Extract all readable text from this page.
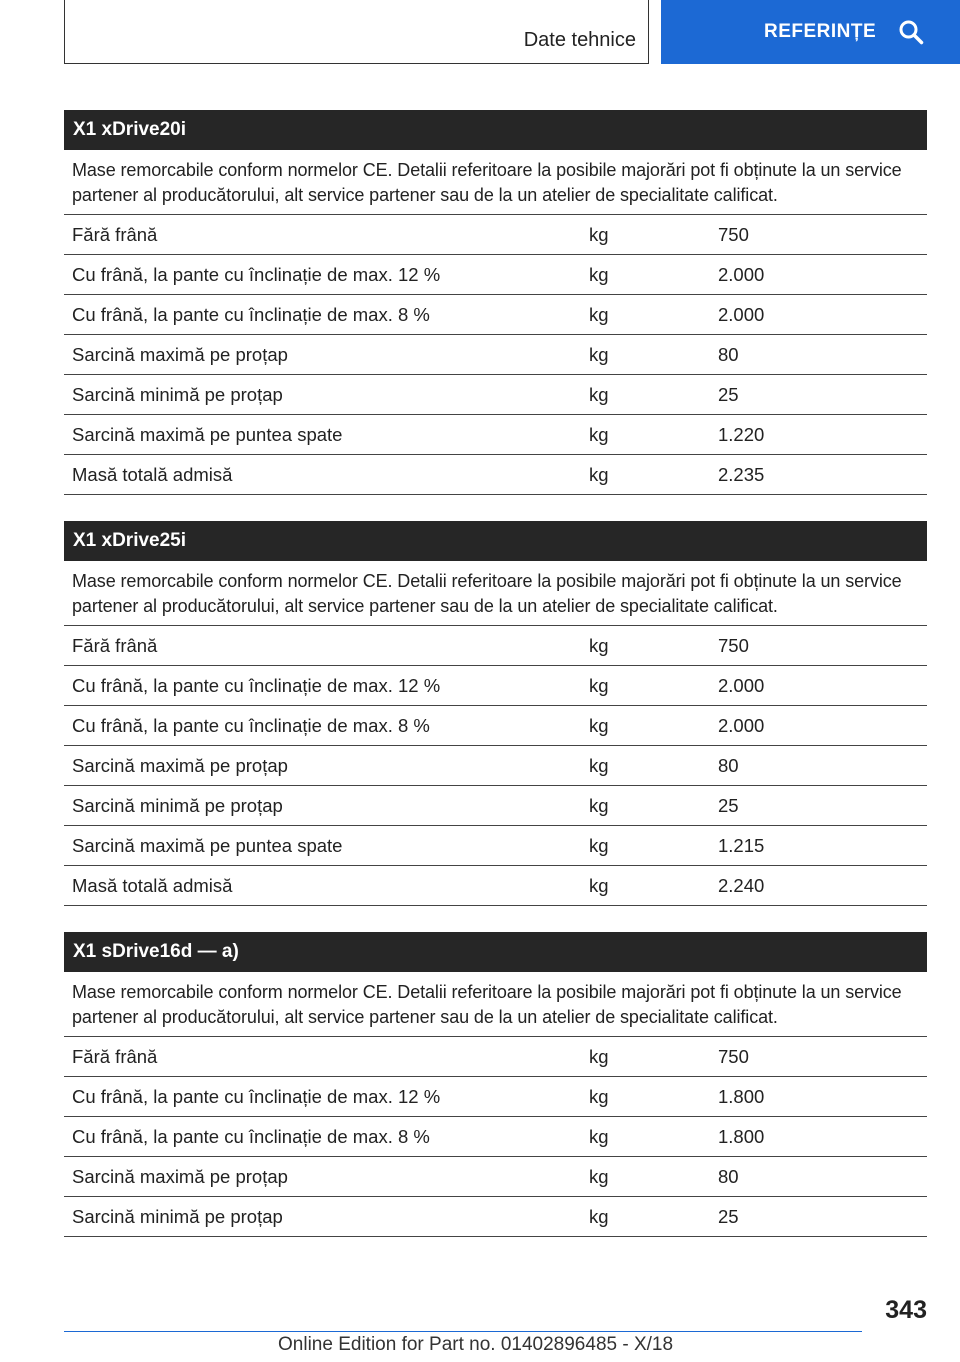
Date tehnice	REFERINȚE
X1 xDrive20i
Mase remorcabile conform normelor CE. Detalii referitoare la posibile majorări pot fi obținute la un service partener al producătorului, alt service partener sau de la un atelier de specialitate calificat.
Fără frână	kg	750
Cu frână, la pante cu înclinație de max. 12 %	kg	2.000
Cu frână, la pante cu înclinație de max. 8 %	kg	2.000
Sarcină maximă pe proțap	kg	80
Sarcină minimă pe proțap	kg	25
Sarcină maximă pe puntea spate	kg	1.220
Masă totală admisă	kg	2.235
X1 xDrive25i
Mase remorcabile conform normelor CE. Detalii referitoare la posibile majorări pot fi obținute la un service partener al producătorului, alt service partener sau de la un atelier de specialitate calificat.
Fără frână	kg	750
Cu frână, la pante cu înclinație de max. 12 %	kg	2.000
Cu frână, la pante cu înclinație de max. 8 %	kg	2.000
Sarcină maximă pe proțap	kg	80
Sarcină minimă pe proțap	kg	25
Sarcină maximă pe puntea spate	kg	1.215
Masă totală admisă	kg	2.240
X1 sDrive16d — a)
Mase remorcabile conform normelor CE. Detalii referitoare la posibile majorări pot fi obținute la un service partener al producătorului, alt service partener sau de la un atelier de specialitate calificat.
Fără frână	kg	750
Cu frână, la pante cu înclinație de max. 12 %	kg	1.800
Cu frână, la pante cu înclinație de max. 8 %	kg	1.800
Sarcină maximă pe proțap	kg	80
Sarcină minimă pe proțap	kg	25
343
Online Edition for Part no. 01402896485 - X/18
